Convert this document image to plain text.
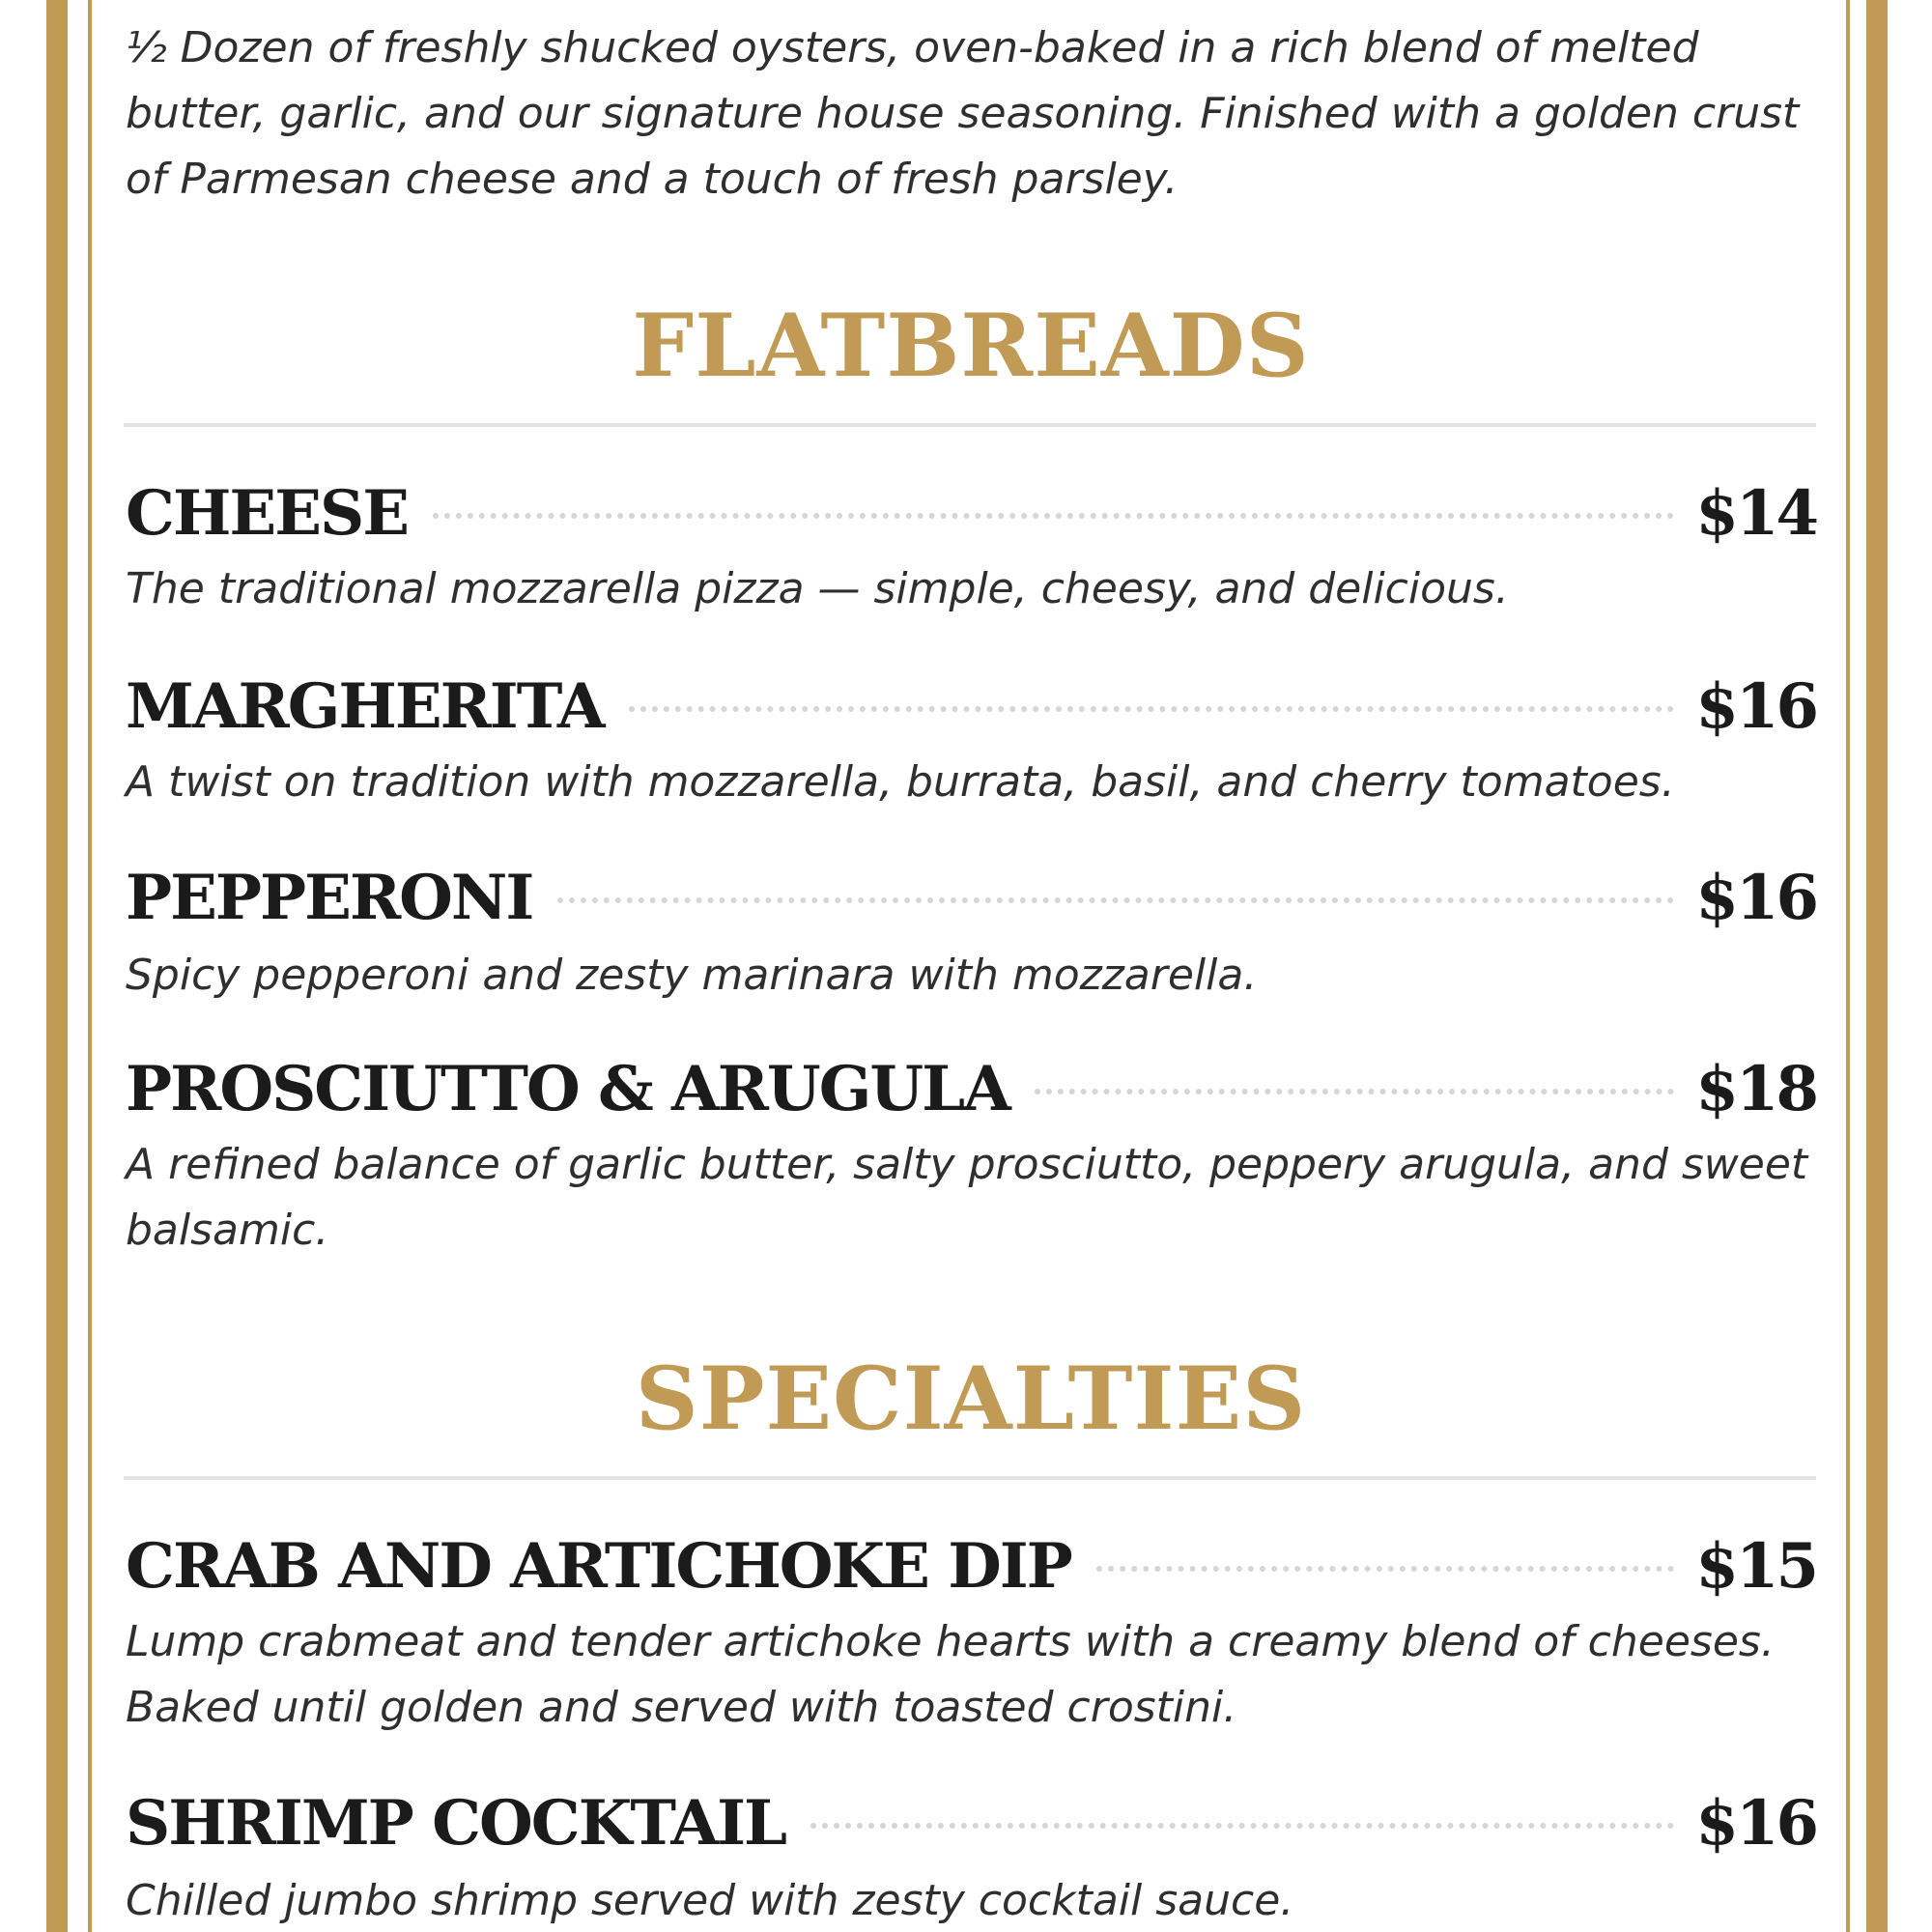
½ Dozen of freshly shucked oysters, oven-baked in a rich blend of melted butter, garlic, and our signature house seasoning. Finished with a golden crust of Parmesan cheese and a touch of fresh parsley.

FLATBREADS
CHEESE	$14

The traditional mozzarella pizza — simple, cheesy, and delicious.

MARGHERITA	$16

A twist on tradition with mozzarella, burrata, basil, and cherry tomatoes.

PEPPERONI	$16

Spicy pepperoni and zesty marinara with mozzarella.

PROSCIUTTO & ARUGULA	$18

A refined balance of garlic butter, salty prosciutto, peppery arugula, and sweet balsamic.

SPECIALTIES
CRAB AND ARTICHOKE DIP	$15

Lump crabmeat and tender artichoke hearts with a creamy blend of cheeses. Baked until golden and served with toasted crostini.

SHRIMP COCKTAIL	$16

Chilled jumbo shrimp served with zesty cocktail sauce.
